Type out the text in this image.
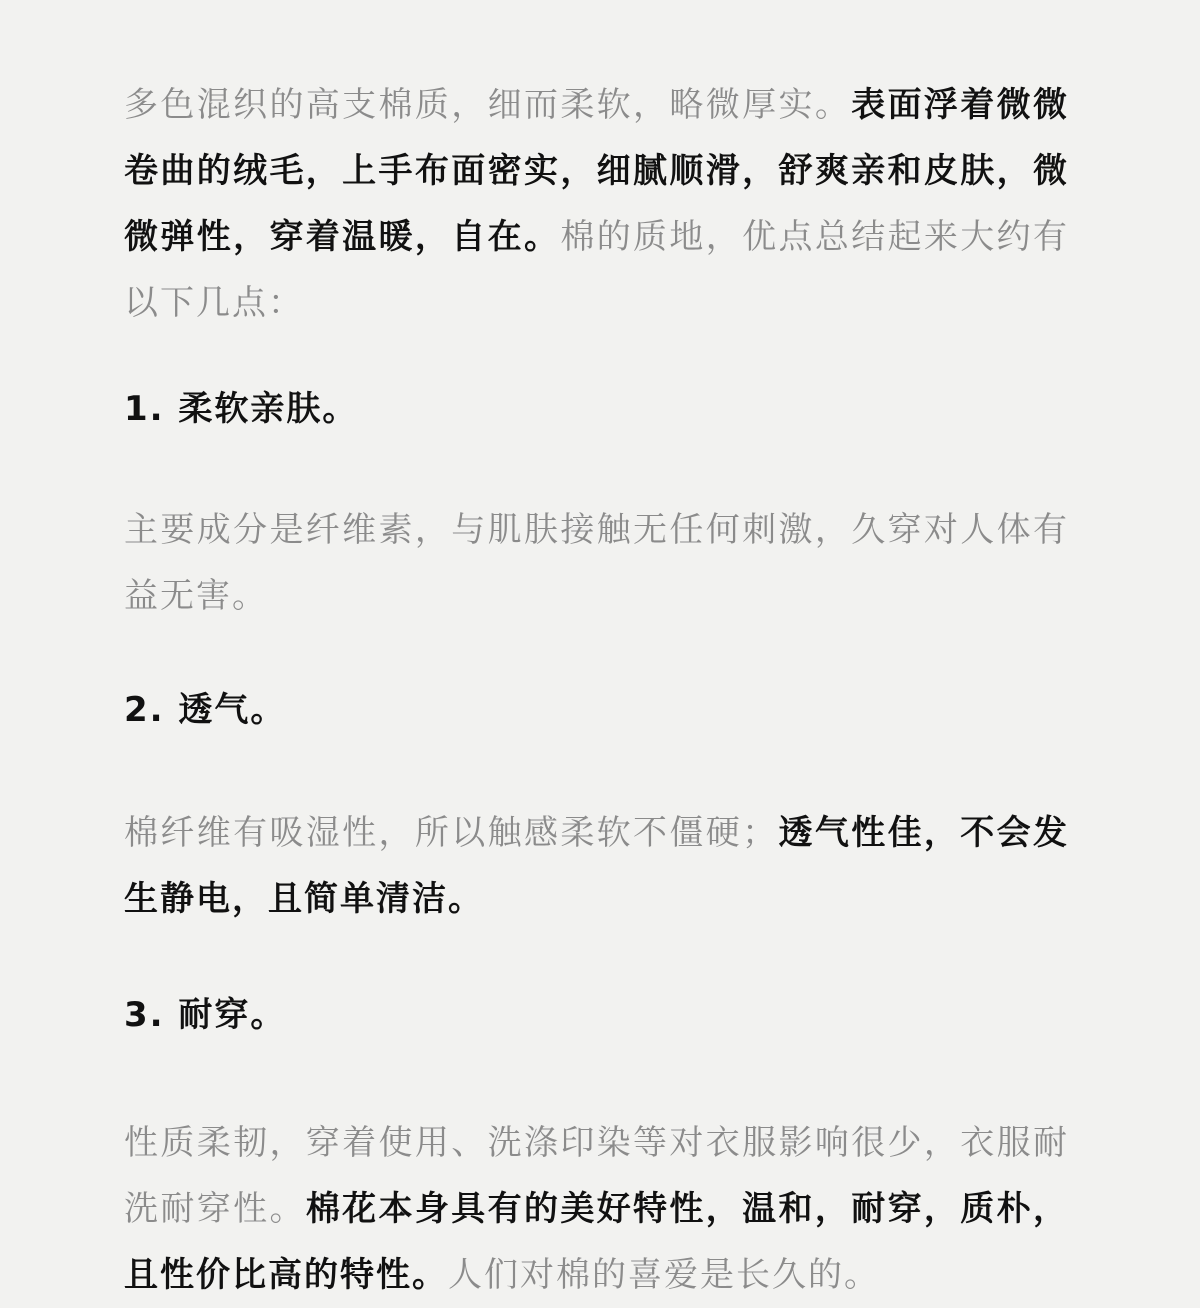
多色混织的高支棉质，细而柔软，略微厚实。表面浮着微微卷曲的绒毛，上手布面密实，细腻顺滑，舒爽亲和皮肤，微微弹性，穿着温暖，自在。棉的质地，优点总结起来大约有以下几点：

1. 柔软亲肤。

主要成分是纤维素，与肌肤接触无任何刺激，久穿对人体有益无害。

2. 透气。

棉纤维有吸湿性，所以触感柔软不僵硬；透气性佳，不会发生静电，且简单清洁。

3. 耐穿。

性质柔韧，穿着使用、洗涤印染等对衣服影响很少，衣服耐洗耐穿性。棉花本身具有的美好特性，温和，耐穿，质朴，且性价比高的特性。人们对棉的喜爱是长久的。
